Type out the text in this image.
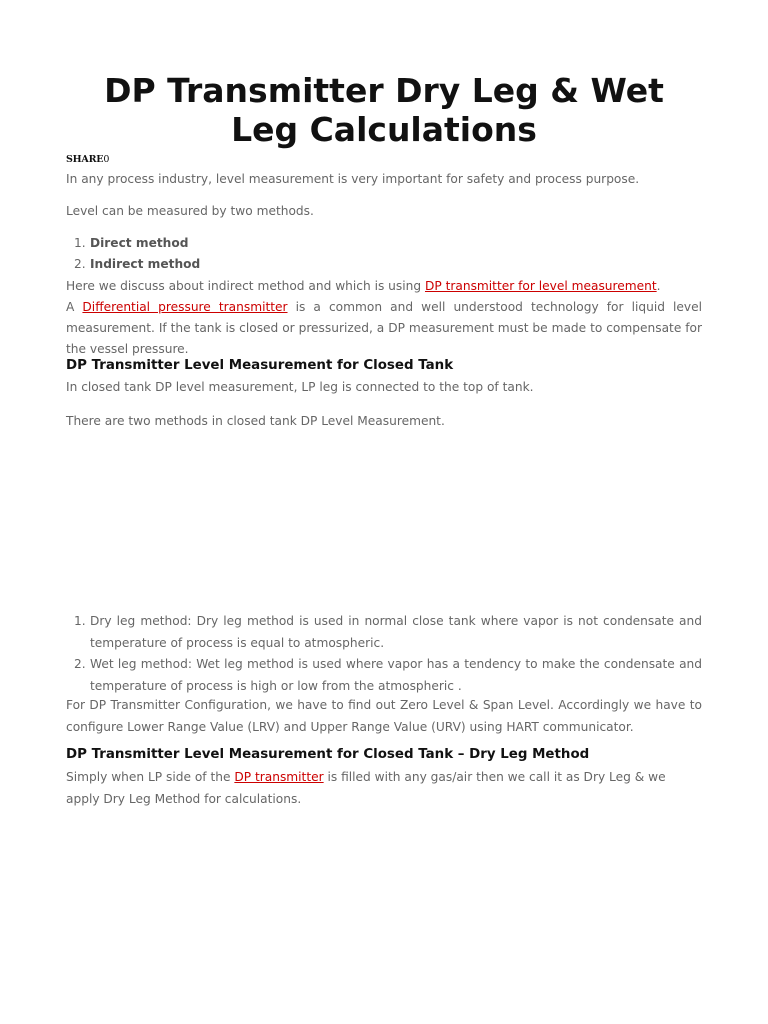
DP Transmitter Dry Leg & Wet Leg Calculations
SHARE0

In any process industry, level measurement is very important for safety and process purpose.

Level can be measured by two methods.

1. Direct method
2. Indirect method

Here we discuss about indirect method and which is using DP transmitter for level measurement.

A Differential pressure transmitter is a common and well understood technology for liquid level measurement. If the tank is closed or pressurized, a DP measurement must be made to compensate for the vessel pressure.

DP Transmitter Level Measurement for Closed Tank

In closed tank DP level measurement, LP leg is connected to the top of tank.

There are two methods in closed tank DP Level Measurement.

1. Dry leg method: Dry leg method is used in normal close tank where vapor is not condensate and temperature of process is equal to atmospheric.
2. Wet leg method: Wet leg method is used where vapor has a tendency to make the condensate and temperature of process is high or low from the atmospheric .

For DP Transmitter Configuration, we have to find out Zero Level & Span Level. Accordingly we have to configure Lower Range Value (LRV) and Upper Range Value (URV) using HART communicator.

DP Transmitter Level Measurement for Closed Tank – Dry Leg Method

Simply when LP side of the DP transmitter is filled with any gas/air then we call it as Dry Leg & we apply Dry Leg Method for calculations.
